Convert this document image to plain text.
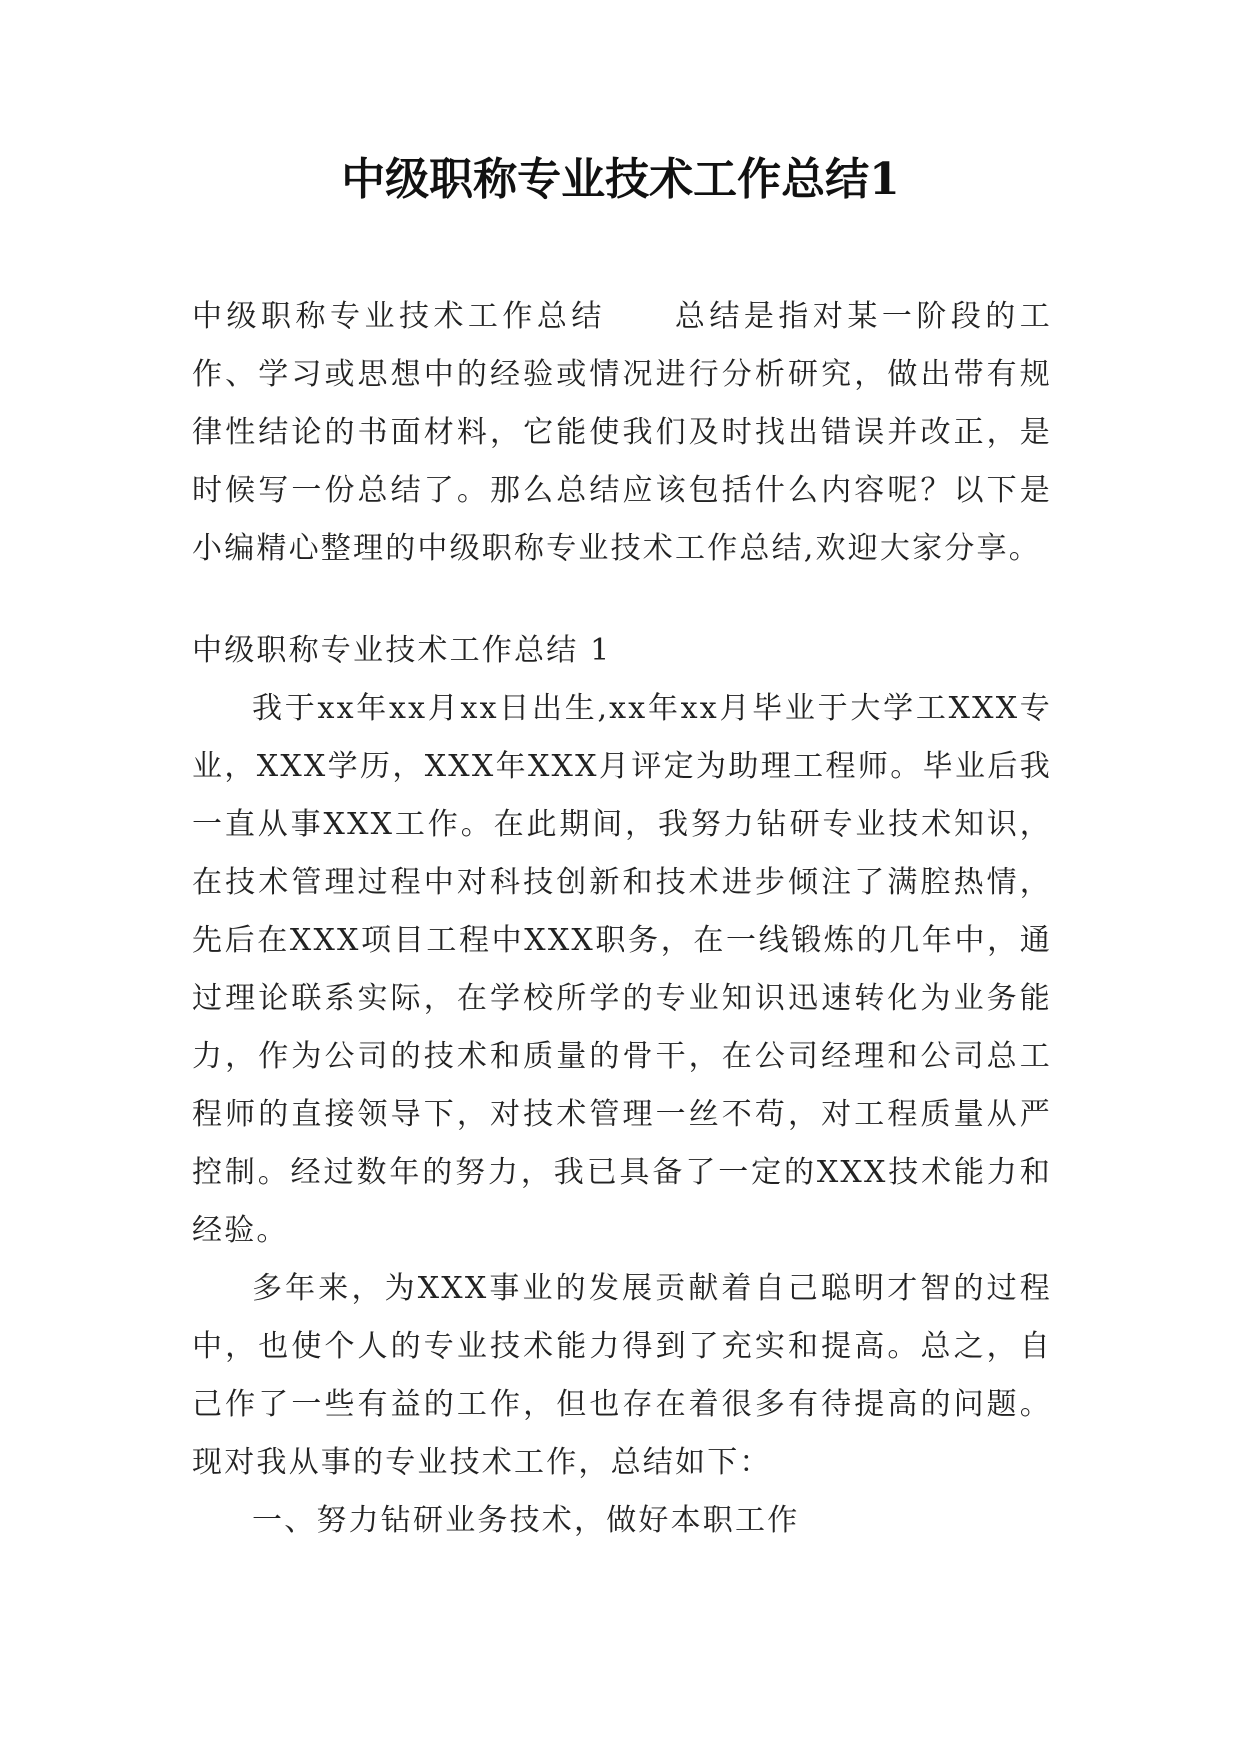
中级职称专业技术工作总结1

中级职称专业技术工作总结　　总结是指对某一阶段的工作、学习或思想中的经验或情况进行分析研究，做出带有规律性结论的书面材料，它能使我们及时找出错误并改正，是时候写一份总结了。那么总结应该包括什么内容呢？以下是小编精心整理的中级职称专业技术工作总结,欢迎大家分享。

中级职称专业技术工作总结 1

我于xx年xx月xx日出生,xx年xx月毕业于大学工XXX专业，XXX学历，XXX年XXX月评定为助理工程师。毕业后我一直从事XXX工作。在此期间，我努力钻研专业技术知识，在技术管理过程中对科技创新和技术进步倾注了满腔热情，先后在XXX项目工程中XXX职务，在一线锻炼的几年中，通过理论联系实际，在学校所学的专业知识迅速转化为业务能力，作为公司的技术和质量的骨干，在公司经理和公司总工程师的直接领导下，对技术管理一丝不苟，对工程质量从严控制。经过数年的努力，我已具备了一定的XXX技术能力和经验。

多年来，为XXX事业的发展贡献着自己聪明才智的过程中，也使个人的专业技术能力得到了充实和提高。总之，自己作了一些有益的工作，但也存在着很多有待提高的问题。现对我从事的专业技术工作，总结如下：

一、努力钻研业务技术，做好本职工作
